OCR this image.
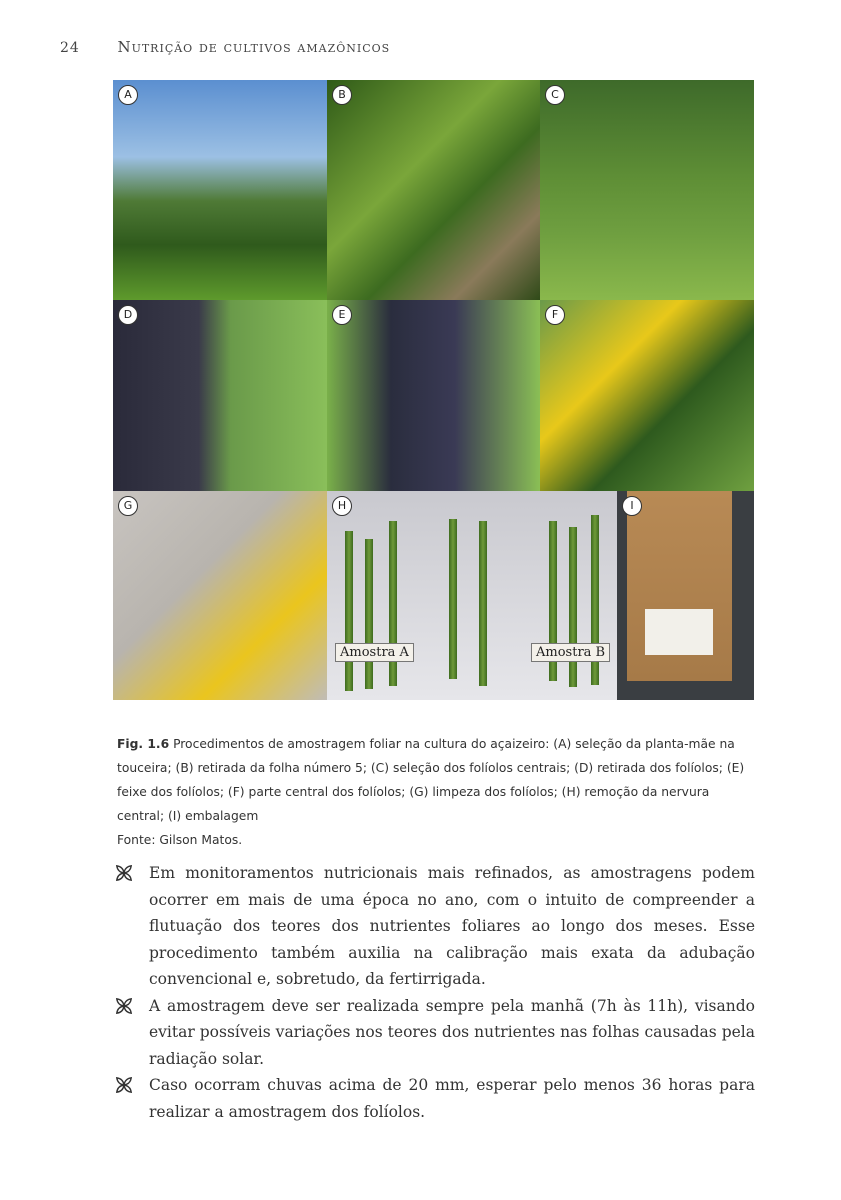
24	Nutrição de cultivos amazônicos
A	B	C
D	E	F
G	H
Amostra A	Amostra B
I
Fig. 1.6 Procedimentos de amostragem foliar na cultura do açaizeiro: (A) seleção da planta-mãe na touceira; (B) retirada da folha número 5; (C) seleção dos folíolos centrais; (D) retirada dos folíolos; (E) feixe dos folíolos; (F) parte central dos folíolos; (G) limpeza dos folíolos; (H) remoção da nervura central; (I) embalagem
Fonte: Gilson Matos.
Em monitoramentos nutricionais mais refinados, as amostragens podem ocorrer em mais de uma época no ano, com o intuito de compreender a flutuação dos teores dos nutrientes foliares ao longo dos meses. Esse procedimento também auxilia na calibração mais exata da adubação convencional e, sobretudo, da fertirrigada.
A amostragem deve ser realizada sempre pela manhã (7h às 11h), visando evitar possíveis variações nos teores dos nutrientes nas folhas causadas pela radiação solar.
Caso ocorram chuvas acima de 20 mm, esperar pelo menos 36 horas para realizar a amostragem dos folíolos.
